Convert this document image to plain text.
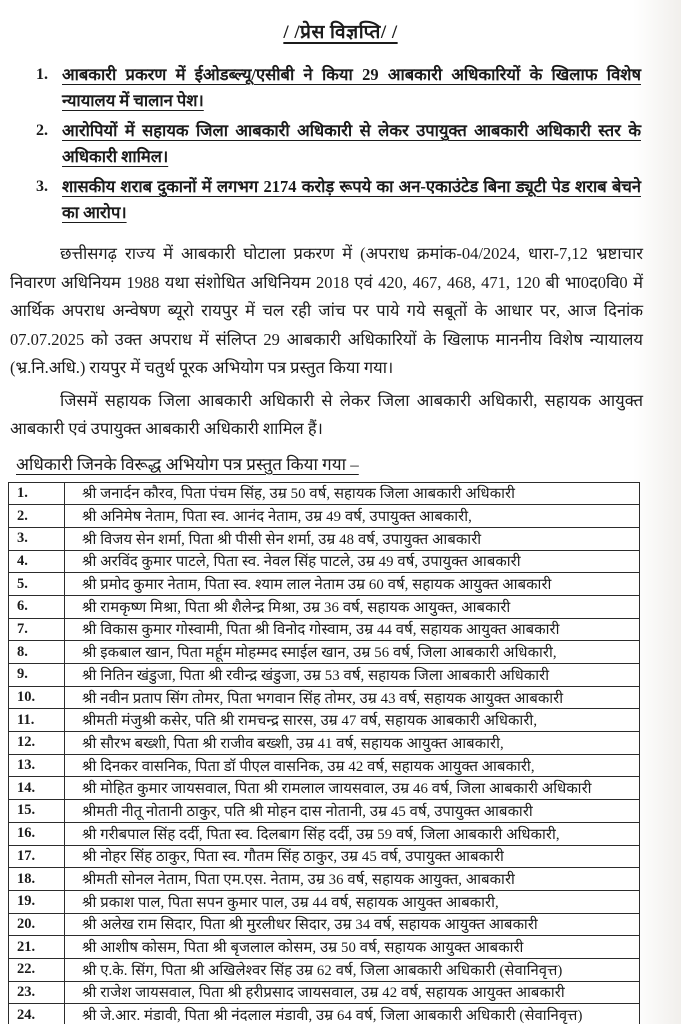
/ /प्रेस विज्ञप्ति/ /
1. आबकारी प्रकरण में ईओडब्ल्यू/एसीबी ने किया 29 आबकारी अधिकारियों के खिलाफ विशेष न्यायालय में चालान पेश।
2. आरोपियों में सहायक जिला आबकारी अधिकारी से लेकर उपायुक्त आबकारी अधिकारी स्तर के अधिकारी शामिल।
3. शासकीय शराब दुकानों में लगभग 2174 करोड़ रूपये का अन-एकाउंटेड बिना ड्यूटी पेड शराब बेचने का आरोप।

छत्तीसगढ़ राज्य में आबकारी घोटाला प्रकरण में (अपराध क्रमांक-04/2024, धारा-7,12 भ्रष्टाचार निवारण अधिनियम 1988 यथा संशोधित अधिनियम 2018 एवं 420, 467, 468, 471, 120 बी भा0द0वि0 में आर्थिक अपराध अन्वेषण ब्यूरो रायपुर में चल रही जांच पर पाये गये सबूतों के आधार पर, आज दिनांक 07.07.2025 को उक्त अपराध में संलिप्त 29 आबकारी अधिकारियों के खिलाफ माननीय विशेष न्यायालय (भ्र.नि.अधि.) रायपुर में चतुर्थ पूरक अभियोग पत्र प्रस्तुत किया गया।

जिसमें सहायक जिला आबकारी अधिकारी से लेकर जिला आबकारी अधिकारी, सहायक आयुक्त आबकारी एवं उपायुक्त आबकारी अधिकारी शामिल हैं।

अधिकारी जिनके विरूद्ध अभियोग पत्र प्रस्तुत किया गया –
1.	श्री जनार्दन कौरव, पिता पंचम सिंह, उम्र 50 वर्ष, सहायक जिला आबकारी अधिकारी
2.	श्री अनिमेष नेताम, पिता स्व. आनंद नेताम, उम्र 49 वर्ष, उपायुक्त आबकारी,
3.	श्री विजय सेन शर्मा, पिता श्री पीसी सेन शर्मा, उम्र 48 वर्ष, उपायुक्त आबकारी
4.	श्री अरविंद कुमार पाटले, पिता स्व. नेवल सिंह पाटले, उम्र 49 वर्ष, उपायुक्त आबकारी
5.	श्री प्रमोद कुमार नेताम, पिता स्व. श्याम लाल नेताम उम्र 60 वर्ष, सहायक आयुक्त आबकारी
6.	श्री रामकृष्ण मिश्रा, पिता श्री शैलेन्द्र मिश्रा, उम्र 36 वर्ष, सहायक आयुक्त, आबकारी
7.	श्री विकास कुमार गोस्वामी, पिता श्री विनोद गोस्वाम, उम्र 44 वर्ष, सहायक आयुक्त आबकारी
8.	श्री इकबाल खान, पिता मर्हूम मोहम्मद स्माईल खान, उम्र 56 वर्ष, जिला आबकारी अधिकारी,
9.	श्री नितिन खंडुजा, पिता श्री रवीन्द्र खंडुजा, उम्र 53 वर्ष, सहायक जिला आबकारी अधिकारी
10.	श्री नवीन प्रताप सिंग तोमर, पिता भगवान सिंह तोमर, उम्र 43 वर्ष, सहायक आयुक्त आबकारी
11.	श्रीमती मंजुश्री कसेर, पति श्री रामचन्द्र सारस, उम्र 47 वर्ष, सहायक आबकारी अधिकारी,
12.	श्री सौरभ बख्शी, पिता श्री राजीव बख्शी, उम्र 41 वर्ष, सहायक आयुक्त आबकारी,
13.	श्री दिनकर वासनिक, पिता डॉ पीएल वासनिक, उम्र 42 वर्ष, सहायक आयुक्त आबकारी,
14.	श्री मोहित कुमार जायसवाल, पिता श्री रामलाल जायसवाल, उम्र 46 वर्ष, जिला आबकारी अधिकारी
15.	श्रीमती नीतू नोतानी ठाकुर, पति श्री मोहन दास नोतानी, उम्र 45 वर्ष, उपायुक्त आबकारी
16.	श्री गरीबपाल सिंह दर्दी, पिता स्व. दिलबाग सिंह दर्दी, उम्र 59 वर्ष, जिला आबकारी अधिकारी,
17.	श्री नोहर सिंह ठाकुर, पिता स्व. गौतम सिंह ठाकुर, उम्र 45 वर्ष, उपायुक्त आबकारी
18.	श्रीमती सोनल नेताम, पिता एम.एस. नेताम, उम्र 36 वर्ष, सहायक आयुक्त, आबकारी
19.	श्री प्रकाश पाल, पिता सपन कुमार पाल, उम्र 44 वर्ष, सहायक आयुक्त आबकारी,
20.	श्री अलेख राम सिदार, पिता श्री मुरलीधर सिदार, उम्र 34 वर्ष, सहायक आयुक्त आबकारी
21.	श्री आशीष कोसम, पिता श्री बृजलाल कोसम, उम्र 50 वर्ष, सहायक आयुक्त आबकारी
22.	श्री ए.के. सिंग, पिता श्री अखिलेश्वर सिंह उम्र 62 वर्ष, जिला आबकारी अधिकारी (सेवानिवृत्त)
23.	श्री राजेश जायसवाल, पिता श्री हरीप्रसाद जायसवाल, उम्र 42 वर्ष, सहायक आयुक्त आबकारी
24.	श्री जे.आर. मंडावी, पिता श्री नंदलाल मंडावी, उम्र 64 वर्ष, जिला आबकारी अधिकारी (सेवानिवृत्त)
